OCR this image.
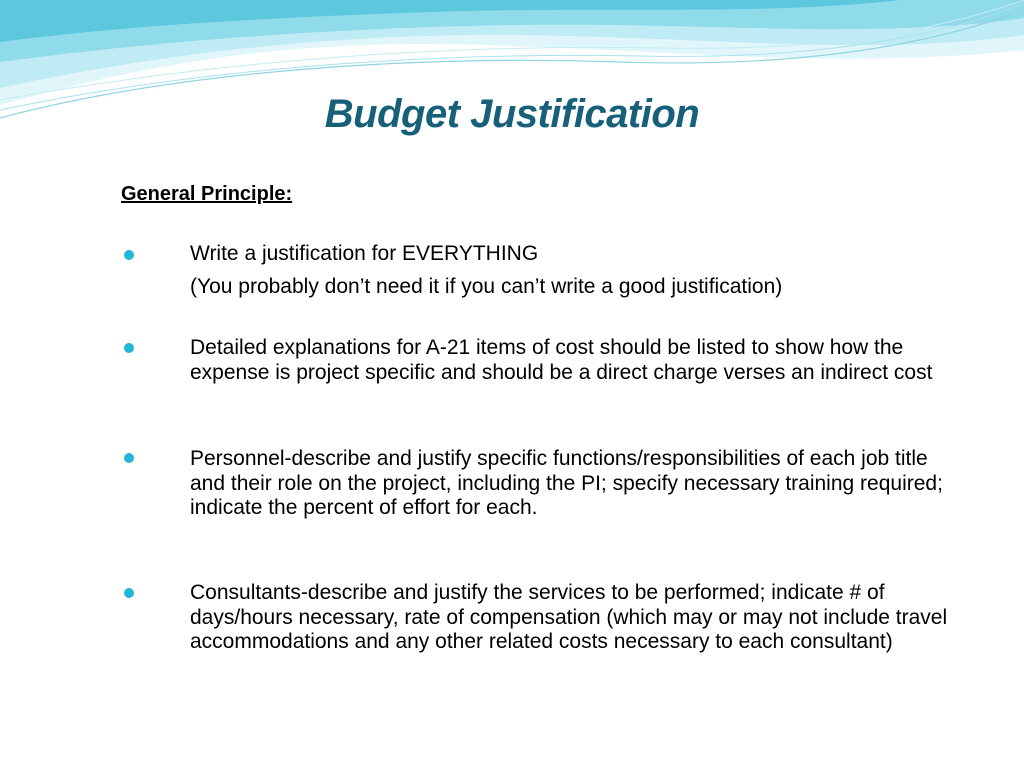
Budget Justification

General Principle:

Write a justification for EVERYTHING

(You probably don’t need it if you can’t write a good justification)

Detailed explanations for A-21 items of cost should be listed to show how the expense is project specific and should be a direct charge verses an indirect cost

Personnel-describe and justify specific functions/responsibilities of each job title and their role on the project, including the PI; specify necessary training required; indicate the percent of effort for each.

Consultants-describe and justify the services to be performed; indicate # of days/hours necessary, rate of compensation (which may or may not include travel accommodations and any other related costs necessary to each consultant)
